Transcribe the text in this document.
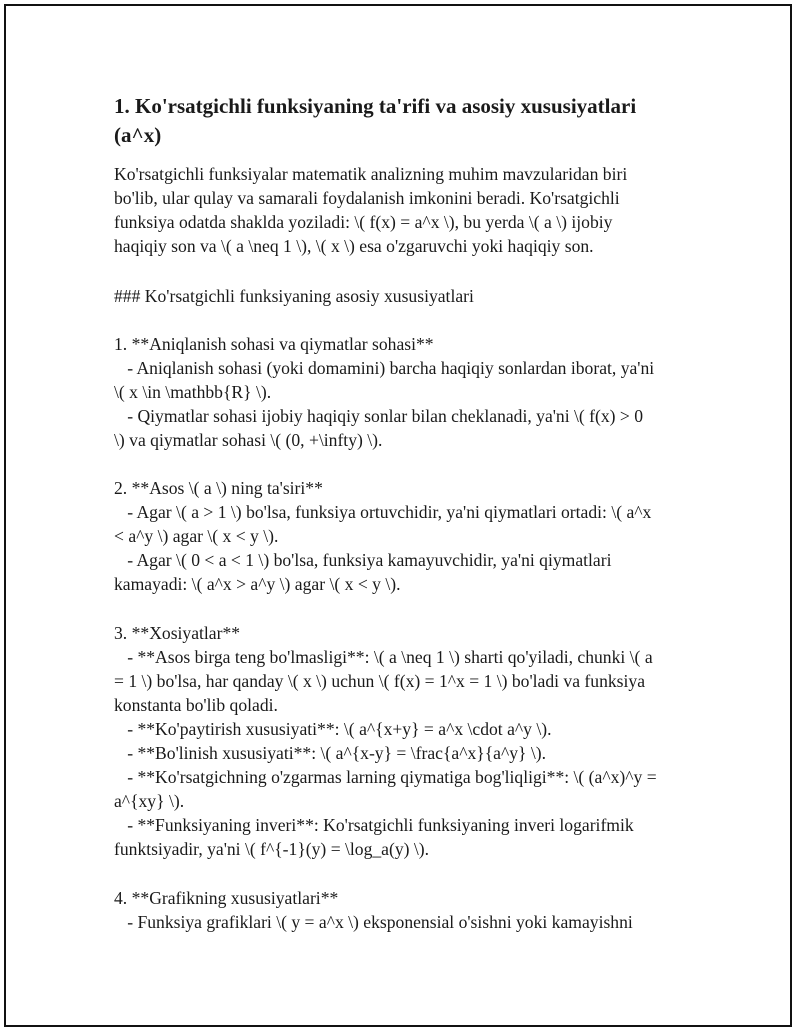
1. Ko'rsatgichli funksiyaning ta'rifi va asosiy xususiyatlari (a^x)
Ko'rsatgichli funksiyalar matematik analizning muhim mavzularidan biri
bo'lib, ular qulay va samarali foydalanish imkonini beradi. Ko'rsatgichli
funksiya odatda shaklda yoziladi: \( f(x) = a^x \), bu yerda \( a \) ijobiy
haqiqiy son va \( a \neq 1 \), \( x \) esa o'zgaruvchi yoki haqiqiy son.
### Ko'rsatgichli funksiyaning asosiy xususiyatlari
1. **Aniqlanish sohasi va qiymatlar sohasi**
- Aniqlanish sohasi (yoki domamini) barcha haqiqiy sonlardan iborat, ya'ni
\( x \in \mathbb{R} \).
- Qiymatlar sohasi ijobiy haqiqiy sonlar bilan cheklanadi, ya'ni \( f(x) > 0
\) va qiymatlar sohasi \( (0, +\infty) \).
2. **Asos \( a \) ning ta'siri**
- Agar \( a > 1 \) bo'lsa, funksiya ortuvchidir, ya'ni qiymatlari ortadi: \( a^x
< a^y \) agar \( x < y \).
- Agar \( 0 < a < 1 \) bo'lsa, funksiya kamayuvchidir, ya'ni qiymatlari
kamayadi: \( a^x > a^y \) agar \( x < y \).
3. **Xosiyatlar**
- **Asos birga teng bo'lmasligi**: \( a \neq 1 \) sharti qo'yiladi, chunki \( a
= 1 \) bo'lsa, har qanday \( x \) uchun \( f(x) = 1^x = 1 \) bo'ladi va funksiya
konstanta bo'lib qoladi.
- **Ko'paytirish xususiyati**: \( a^{x+y} = a^x \cdot a^y \).
- **Bo'linish xususiyati**: \( a^{x-y} = \frac{a^x}{a^y} \).
- **Ko'rsatgichning o'zgarmas larning qiymatiga bog'liqligi**: \( (a^x)^y =
a^{xy} \).
- **Funksiyaning inveri**: Ko'rsatgichli funksiyaning inveri logarifmik
funktsiyadir, ya'ni \( f^{-1}(y) = \log_a(y) \).
4. **Grafikning xususiyatlari**
- Funksiya grafiklari \( y = a^x \) eksponensial o'sishni yoki kamayishni
